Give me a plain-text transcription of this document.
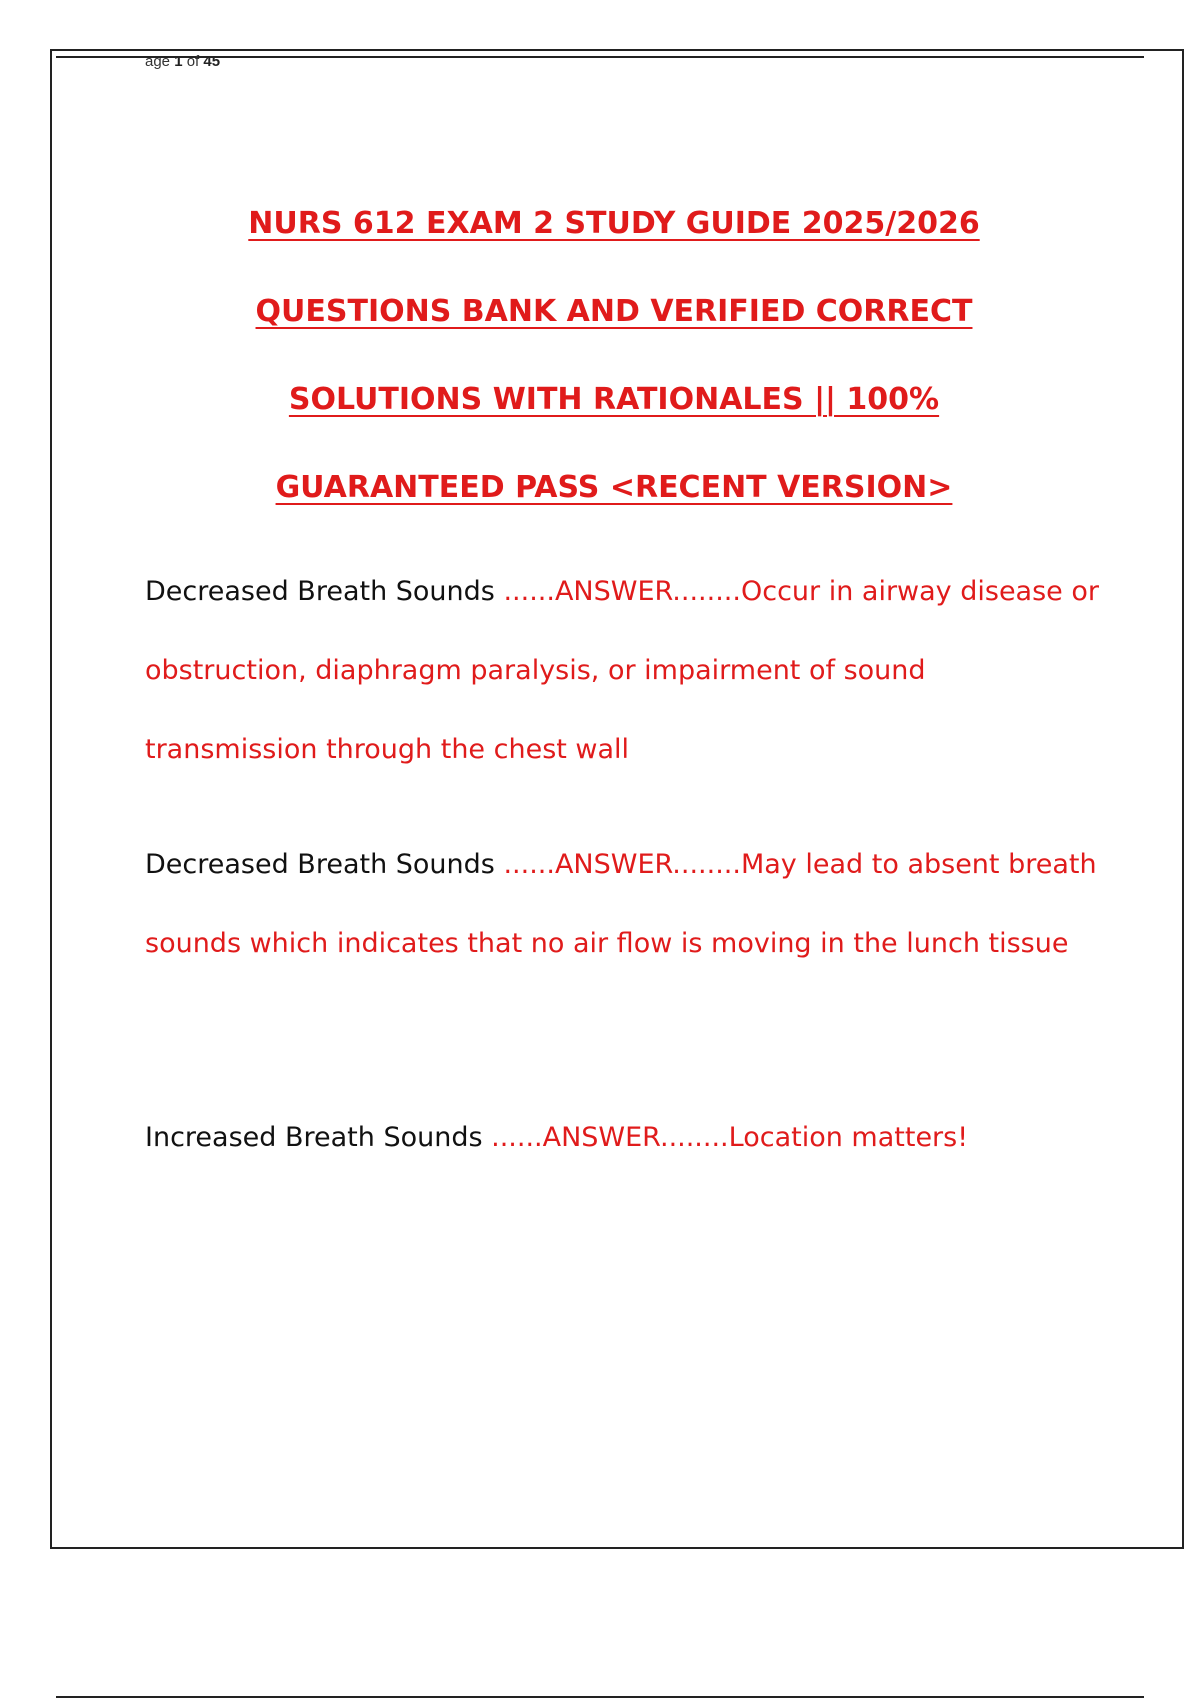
age 1 of 45
NURS 612 EXAM 2 STUDY GUIDE 2025/2026
QUESTIONS BANK AND VERIFIED CORRECT
SOLUTIONS WITH RATIONALES || 100%
GUARANTEED PASS <RECENT VERSION>
Decreased Breath Sounds ......ANSWER........Occur in airway disease or obstruction, diaphragm paralysis, or impairment of sound transmission through the chest wall
Decreased Breath Sounds ......ANSWER........May lead to absent breath sounds which indicates that no air flow is moving in the lunch tissue
Increased Breath Sounds ......ANSWER........Location matters!
